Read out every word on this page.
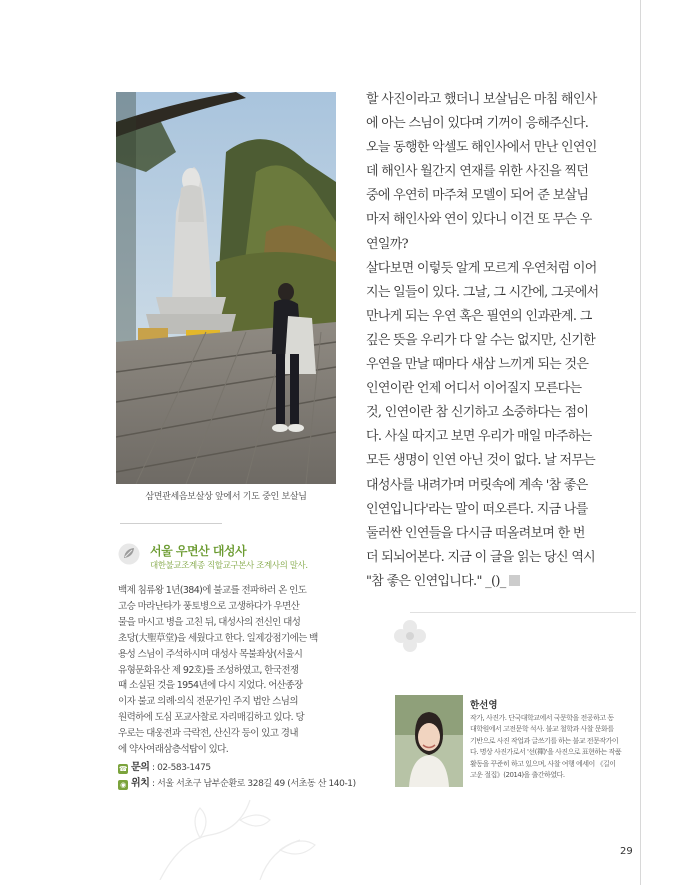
삼면관세음보살상 앞에서 기도 중인 보살님
서울 우면산 대성사
대한불교조계종 직할교구본사 조계사의 말사.
백제 침류왕 1년(384)에 불교를 전파하러 온 인도
고승 마라난타가 풍토병으로 고생하다가 우면산
물을 마시고 병을 고친 뒤, 대성사의 전신인 대성
초당(大聖草堂)을 세웠다고 한다. 일제강점기에는 백
용성 스님이 주석하시며 대성사 목불좌상(서울시
유형문화유산 제 92호)를 조성하였고, 한국전쟁
때 소실된 것을 1954년에 다시 지었다. 어산종장
이자 불교 의례·의식 전문가인 주지 법안 스님의
원력하에 도심 포교사찰로 자리매김하고 있다. 당
우로는 대웅전과 극락전, 산신각 등이 있고 경내
에 약사여래삼층석탑이 있다.
☎ 문의 : 02-583-1475
◉ 위치 : 서울 서초구 남부순환로 328길 49 (서초동 산 140-1)
할 사진이라고 했더니 보살님은 마침 해인사
에 아는 스님이 있다며 기꺼이 응해주신다.
오늘 동행한 악셀도 해인사에서 만난 인연인
데 해인사 월간지 연재를 위한 사진을 찍던
중에 우연히 마주쳐 모델이 되어 준 보살님
마저 해인사와 연이 있다니 이건 또 무슨 우
연일까?
살다보면 이렇듯 알게 모르게 우연처럼 이어
지는 일들이 있다. 그날, 그 시간에, 그곳에서
만나게 되는 우연 혹은 필연의 인과관계. 그
깊은 뜻을 우리가 다 알 수는 없지만, 신기한
우연을 만날 때마다 새삼 느끼게 되는 것은
인연이란 언제 어디서 이어질지 모른다는
것, 인연이란 참 신기하고 소중하다는 점이
다. 사실 따지고 보면 우리가 매일 마주하는
모든 생명이 인연 아닌 것이 없다. 날 저무는
대성사를 내려가며 머릿속에 계속 '참 좋은
인연입니다'라는 말이 떠오른다. 지금 나를
둘러싼 인연들을 다시금 떠올려보며 한 번
더 되뇌어본다. 지금 이 글을 읽는 당신 역시
"참 좋은 인연입니다." _()_
한선영
작가, 사진가. 단국대학교에서 국문학을 전공하고 동
대학원에서 고전문학 석사. 불교 철학과 사찰 문화를
기반으로 사진 작업과 글쓰기를 하는 불교 전문작가이
다. 명상 사진가로서 '선(禪)'을 사진으로 표현하는 작품
활동을 꾸준히 하고 있으며, 사찰 여행 에세이 《길이
고운 절집》(2014)을 출간하였다.
29
